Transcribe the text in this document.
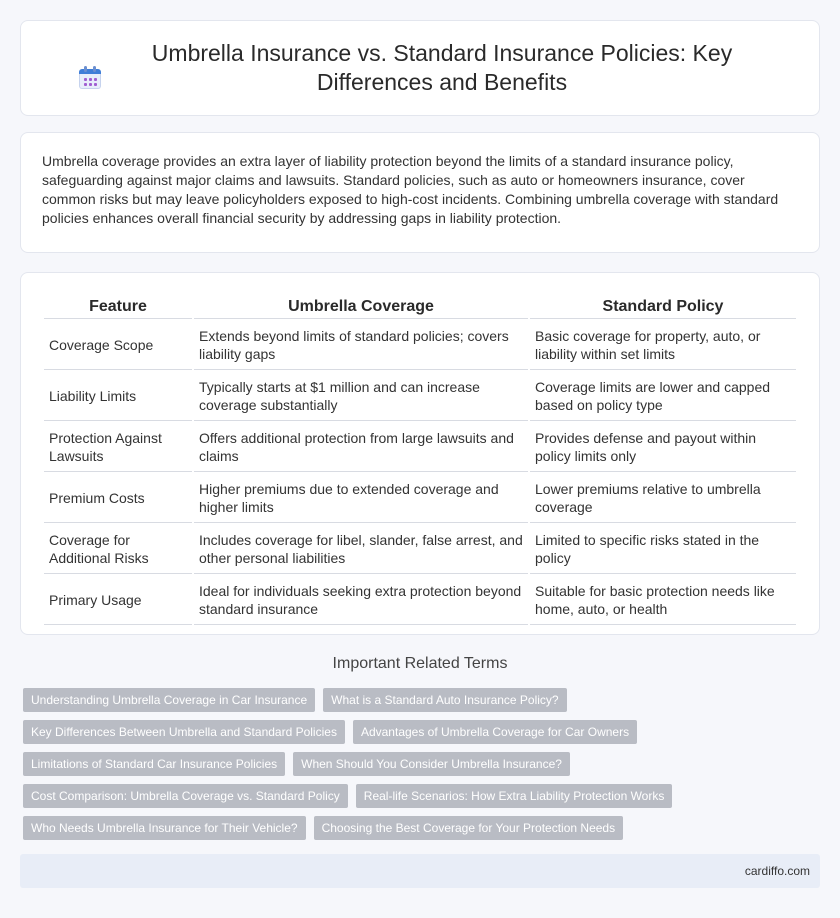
Umbrella Insurance vs. Standard Insurance Policies: Key Differences and Benefits

Umbrella coverage provides an extra layer of liability protection beyond the limits of a standard insurance policy, safeguarding against major claims and lawsuits. Standard policies, such as auto or homeowners insurance, cover common risks but may leave policyholders exposed to high-cost incidents. Combining umbrella coverage with standard policies enhances overall financial security by addressing gaps in liability protection.

Feature	Umbrella Coverage	Standard Policy
Coverage Scope	Extends beyond limits of standard policies; covers liability gaps	Basic coverage for property, auto, or liability within set limits
Liability Limits	Typically starts at $1 million and can increase coverage substantially	Coverage limits are lower and capped based on policy type
Protection Against Lawsuits	Offers additional protection from large lawsuits and claims	Provides defense and payout within policy limits only
Premium Costs	Higher premiums due to extended coverage and higher limits	Lower premiums relative to umbrella coverage
Coverage for Additional Risks	Includes coverage for libel, slander, false arrest, and other personal liabilities	Limited to specific risks stated in the policy
Primary Usage	Ideal for individuals seeking extra protection beyond standard insurance	Suitable for basic protection needs like home, auto, or health
Important Related Terms
Understanding Umbrella Coverage in Car Insurance	What is a Standard Auto Insurance Policy?
Key Differences Between Umbrella and Standard Policies	Advantages of Umbrella Coverage for Car Owners
Limitations of Standard Car Insurance Policies	When Should You Consider Umbrella Insurance?
Cost Comparison: Umbrella Coverage vs. Standard Policy	Real-life Scenarios: How Extra Liability Protection Works
Who Needs Umbrella Insurance for Their Vehicle?	Choosing the Best Coverage for Your Protection Needs
cardiffo.com
